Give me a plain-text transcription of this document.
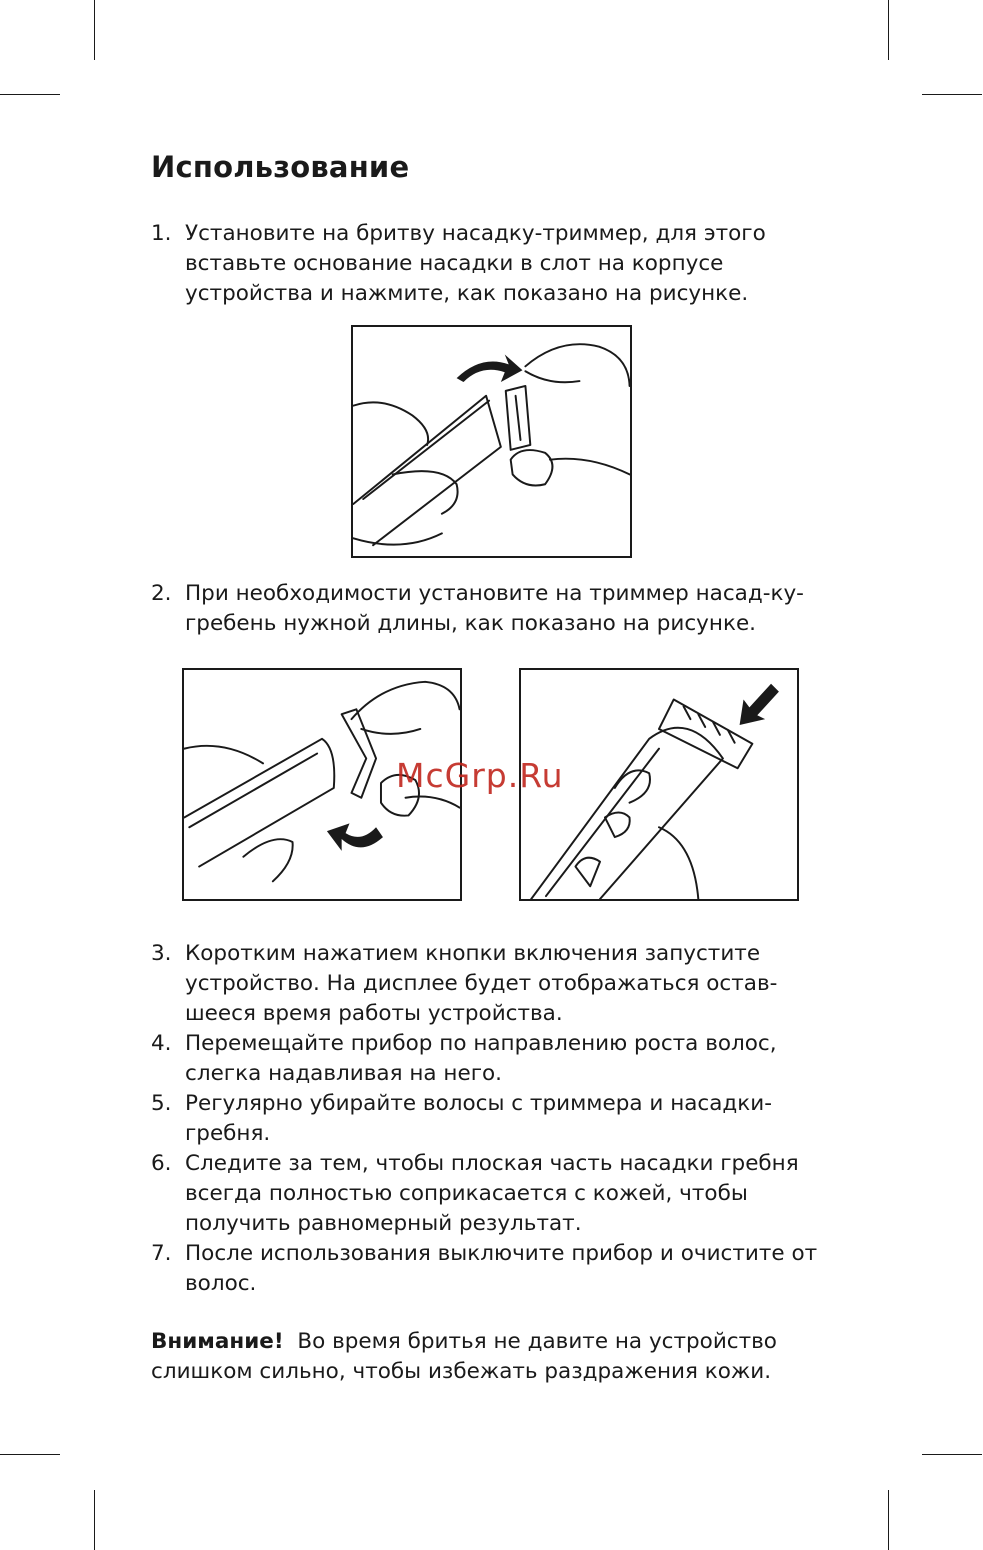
Использование
1. Установите на бритву насадку-триммер, для этого вставьте основание насадки в слот на корпусе устройства и нажмите, как показано на рисунке.
2. При необходимости установите на триммер насад-ку-гребень нужной длины, как показано на рисунке.
McGrp.Ru
3. Коротким нажатием кнопки включения запустите устройство. На дисплее будет отображаться остав-шееся время работы устройства.
4. Перемещайте прибор по направлению роста волос, слегка надавливая на него.
5. Регулярно убирайте волосы с триммера и насадки-гребня.
6. Следите за тем, чтобы плоская часть насадки гребня всегда полностью соприкасается с кожей, чтобы получить равномерный результат.
7. После использования выключите прибор и очистите от волос.
Внимание! Во время бритья не давите на устройство слишком сильно, чтобы избежать раздражения кожи.
